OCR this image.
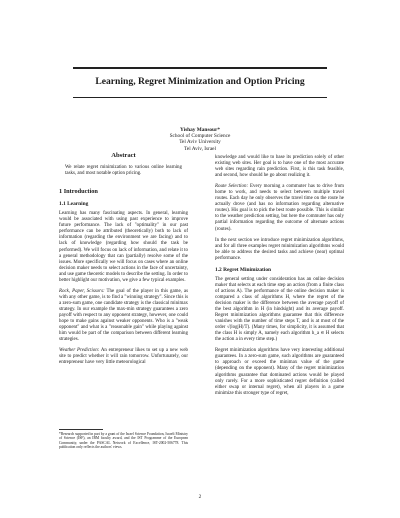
Learning, Regret Minimization and Option Pricing
Yishay Mansour*
School of Computer Science
Tel Aviv University
Tel Aviv, Israel
Abstract
We relate regret minimization to various online learning tasks, and most notable option pricing.
1 Introduction
1.1 Learning

Learning has many fascinating aspects. In general, learning would be associated with using past experience to improve future performance. The lack of "optimality" in our past performance can be attributed (theoretically) both to lack of information (regarding the environment we are facing) and to lack of knowledge (regarding how should the task be performed). We will focus on lack of information, and relate it to a general methodology that can (partially) resolve some of the issues. More specifically we will focus on cases where an online decision maker needs to select actions in the face of uncertainty, and use game theoretic models to describe the setting. In order to better highlight our motivation, we give a few typical examples.

Rock, Paper, Scissors: The goal of the player in this game, as with any other game, is to find a "winning strategy". Since this is a zero-sum game, one candidate strategy is the classical minimax strategy. In our example the max-min strategy guarantees a zero payoff with respect to any opponent strategy, however, one could hope to make gains against weaker opponents. Who is a "weak opponent" and what is a "reasonable gain" while playing against him would be part of the comparison between different learning strategies.

Weather Prediction: An entrepreneur likes to set up a new web site to predict whether it will rain tomorrow. Unfortunately, our entrepreneur have very little meteorological

knowledge and would like to base its prediction solely of other existing web sites. Her goal is to have one of the most accurate web sites regarding rain prediction. First, is this task feasible, and second, how should he go about realizing it.

Route Selection: Every morning a commuter has to drive from home to work, and needs to select between multiple travel routes. Each day he only observes the travel time on the route he actually drove (and has no information regarding alternative routes). His goal is to pick the best route possible. This is similar to the weather prediction setting, but here the commuter has only partial information regarding the outcome of alternate actions (routes).

In the next section we introduce regret minimization algorithms, and for all three examples regret minimization algorithms would be able to address the desired tasks and achieve (near) optimal performance.

1.2 Regret Minimization

The general setting under consideration has an online decision maker that selects at each time step an action (from a finite class of actions A). The performance of the online decision maker is compared a class of algorithms H, where the regret of the decision maker is the difference between the average payoff of the best algorithm in H (in hindsight) and its average payoff. Regret minimization algorithms guarantee that this difference vanishes with the number of time steps T, and is at most of the order √(log|H|/T). (Many times, for simplicity, it is assumed that the class H is simply A, namely each algorithm h_a ∈ H selects the action a in every time step.)

Regret minimization algorithms have very interesting additional guarantees. In a zero-sum game, such algorithms are guaranteed to approach or exceed the minimax value of the game (depending on the opponent). Many of the regret minimization algorithms guarantee that dominated actions would be played only rarely. For a more sophisticated regret definition (called either swap or internal regret), when all players in a game minimize this stronger type of regret,

*Research supported in part by a grant of the Israel Science Foundation, Israeli Ministry of Science (ISF), an IBM faculty award, and the IST Programme of the European Community, under the PASCAL Network of Excellence, IST-2002-506778. This publication only reflects the authors' views.
2
